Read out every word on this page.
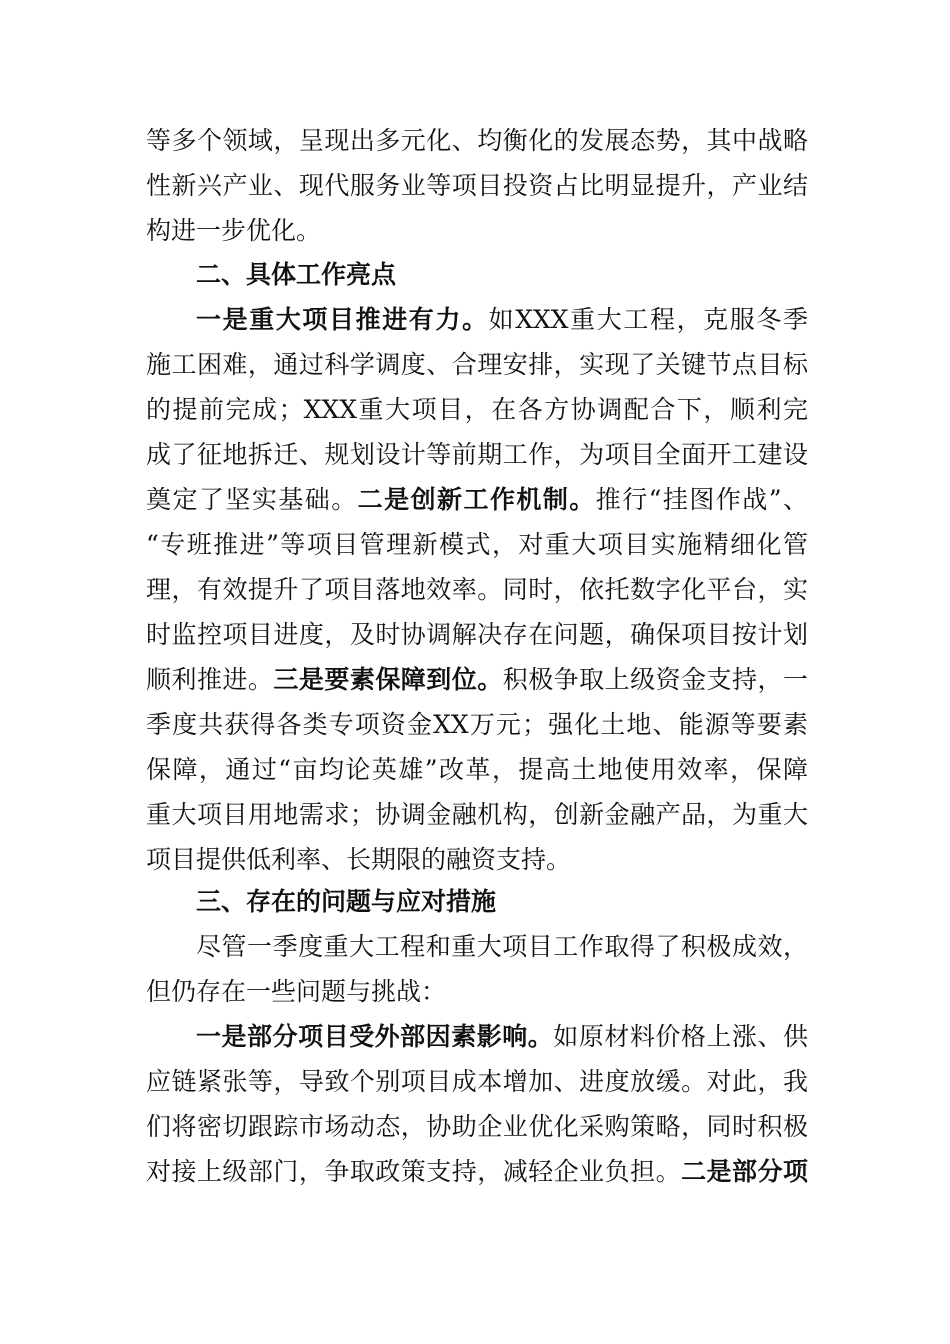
等多个领域，呈现出多元化、均衡化的发展态势，其中战略
性新兴产业、现代服务业等项目投资占比明显提升，产业结
构进一步优化。
二、具体工作亮点
一是重大项目推进有力。如XXX重大工程，克服冬季
施工困难，通过科学调度、合理安排，实现了关键节点目标
的提前完成；XXX重大项目，在各方协调配合下，顺利完
成了征地拆迁、规划设计等前期工作，为项目全面开工建设
奠定了坚实基础。二是创新工作机制。推行“挂图作战”、
“专班推进”等项目管理新模式，对重大项目实施精细化管
理，有效提升了项目落地效率。同时，依托数字化平台，实
时监控项目进度，及时协调解决存在问题，确保项目按计划
顺利推进。三是要素保障到位。积极争取上级资金支持，一
季度共获得各类专项资金XX万元；强化土地、能源等要素
保障，通过“亩均论英雄”改革，提高土地使用效率，保障
重大项目用地需求；协调金融机构，创新金融产品，为重大
项目提供低利率、长期限的融资支持。
三、存在的问题与应对措施
尽管一季度重大工程和重大项目工作取得了积极成效，
但仍存在一些问题与挑战：
一是部分项目受外部因素影响。如原材料价格上涨、供
应链紧张等，导致个别项目成本增加、进度放缓。对此，我
们将密切跟踪市场动态，协助企业优化采购策略，同时积极
对接上级部门，争取政策支持，减轻企业负担。二是部分项
